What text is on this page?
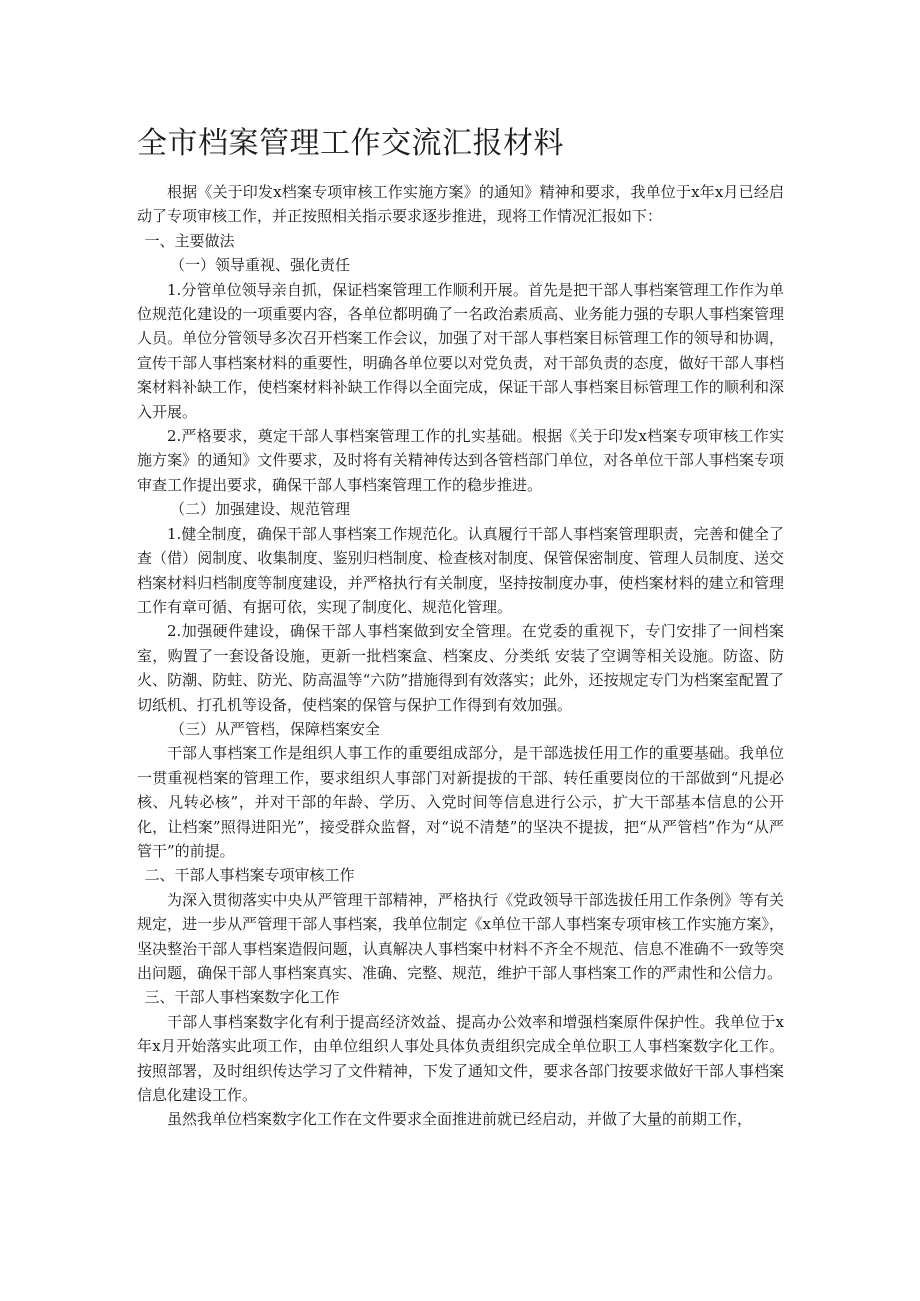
全市档案管理工作交流汇报材料

根据《关于印发x档案专项审核工作实施方案》的通知》精神和要求，我单位于x年x月已经启动了专项审核工作，并正按照相关指示要求逐步推进，现将工作情况汇报如下：

一、主要做法

（一）领导重视、强化责任

1.分管单位领导亲自抓，保证档案管理工作顺利开展。首先是把干部人事档案管理工作作为单位规范化建设的一项重要内容，各单位都明确了一名政治素质高、业务能力强的专职人事档案管理人员。单位分管领导多次召开档案工作会议，加强了对干部人事档案目标管理工作的领导和协调，宣传干部人事档案材料的重要性，明确各单位要以对党负责，对干部负责的态度，做好干部人事档案材料补缺工作，使档案材料补缺工作得以全面完成，保证干部人事档案目标管理工作的顺利和深入开展。

2.严格要求，奠定干部人事档案管理工作的扎实基础。根据《关于印发x档案专项审核工作实施方案》的通知》文件要求，及时将有关精神传达到各管档部门单位，对各单位干部人事档案专项审查工作提出要求，确保干部人事档案管理工作的稳步推进。

（二）加强建设、规范管理

1.健全制度，确保干部人事档案工作规范化。认真履行干部人事档案管理职责，完善和健全了查（借）阅制度、收集制度、鉴别归档制度、检查核对制度、保管保密制度、管理人员制度、送交档案材料归档制度等制度建设，并严格执行有关制度，坚持按制度办事，使档案材料的建立和管理工作有章可循、有据可依，实现了制度化、规范化管理。

2.加强硬件建设，确保干部人事档案做到安全管理。在党委的重视下，专门安排了一间档案室，购置了一套设备设施，更新一批档案盒、档案皮、分类纸 安装了空调等相关设施。防盗、防火、防潮、防蛀、防光、防高温等“六防”措施得到有效落实；此外，还按规定专门为档案室配置了切纸机、打孔机等设备，使档案的保管与保护工作得到有效加强。

（三）从严管档，保障档案安全

干部人事档案工作是组织人事工作的重要组成部分，是干部选拔任用工作的重要基础。我单位一贯重视档案的管理工作，要求组织人事部门对新提拔的干部、转任重要岗位的干部做到“凡提必核、凡转必核”，并对干部的年龄、学历、入党时间等信息进行公示，扩大干部基本信息的公开化，让档案”照得进阳光”，接受群众监督，对“说不清楚”的坚决不提拔，把“从严管档”作为“从严管干”的前提。

二、干部人事档案专项审核工作

为深入贯彻落实中央从严管理干部精神，严格执行《党政领导干部选拔任用工作条例》等有关规定，进一步从严管理干部人事档案，我单位制定《x单位干部人事档案专项审核工作实施方案》，坚决整治干部人事档案造假问题，认真解决人事档案中材料不齐全不规范、信息不准确不一致等突出问题，确保干部人事档案真实、准确、完整、规范，维护干部人事档案工作的严肃性和公信力。

三、干部人事档案数字化工作

干部人事档案数字化有利于提高经济效益、提高办公效率和增强档案原件保护性。我单位于x年x月开始落实此项工作，由单位组织人事处具体负责组织完成全单位职工人事档案数字化工作。按照部署，及时组织传达学习了文件精神，下发了通知文件，要求各部门按要求做好干部人事档案信息化建设工作。

虽然我单位档案数字化工作在文件要求全面推进前就已经启动，并做了大量的前期工作，
